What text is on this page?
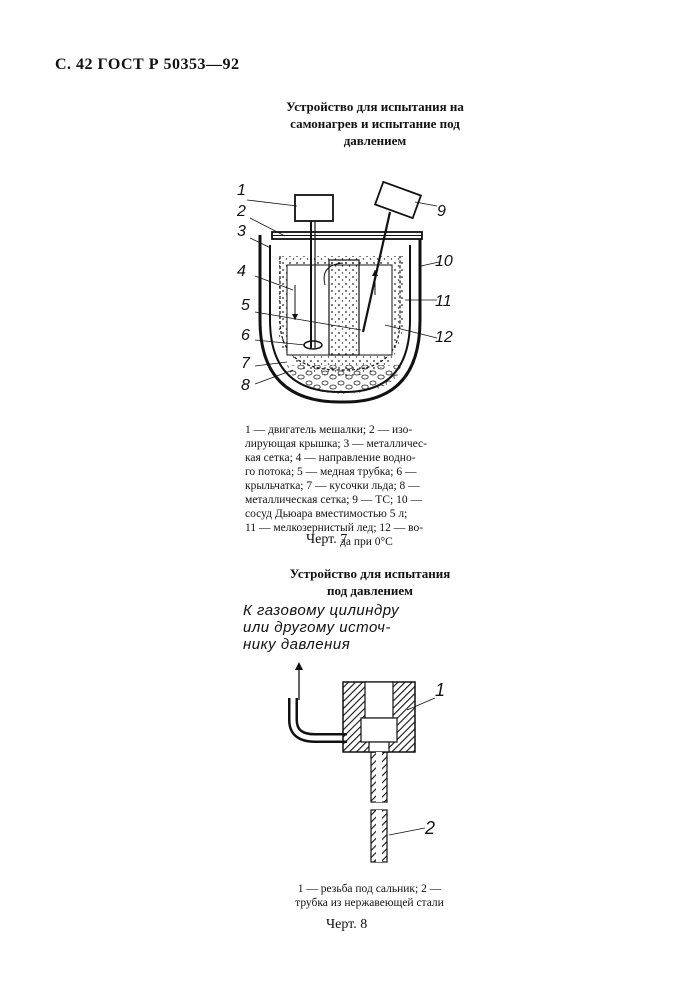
С. 42 ГОСТ Р 50353—92
Устройство для испытания на
самонагрев и испытание под
давлением
1
2
3
4
5
6
7
8
9
10
11
12
1 — двигатель мешалки; 2 — изо-
лирующая крышка; 3 — металличес-
кая сетка; 4 — направление водно-
го потока; 5 — медная трубка; 6 —
крыльчатка; 7 — кусочки льда; 8 —
металлическая сетка; 9 — ТС; 10 —
сосуд Дьюара вместимостью 5 л;
11 — мелкозернистый лед; 12 — во-
да при 0°С
Черт. 7
Устройство для испытания
под давлением
К газовому цилиндру
или другому источ-
нику давления
1
2
1 — резьба под сальник; 2 —
трубка из нержавеющей стали
Черт. 8
